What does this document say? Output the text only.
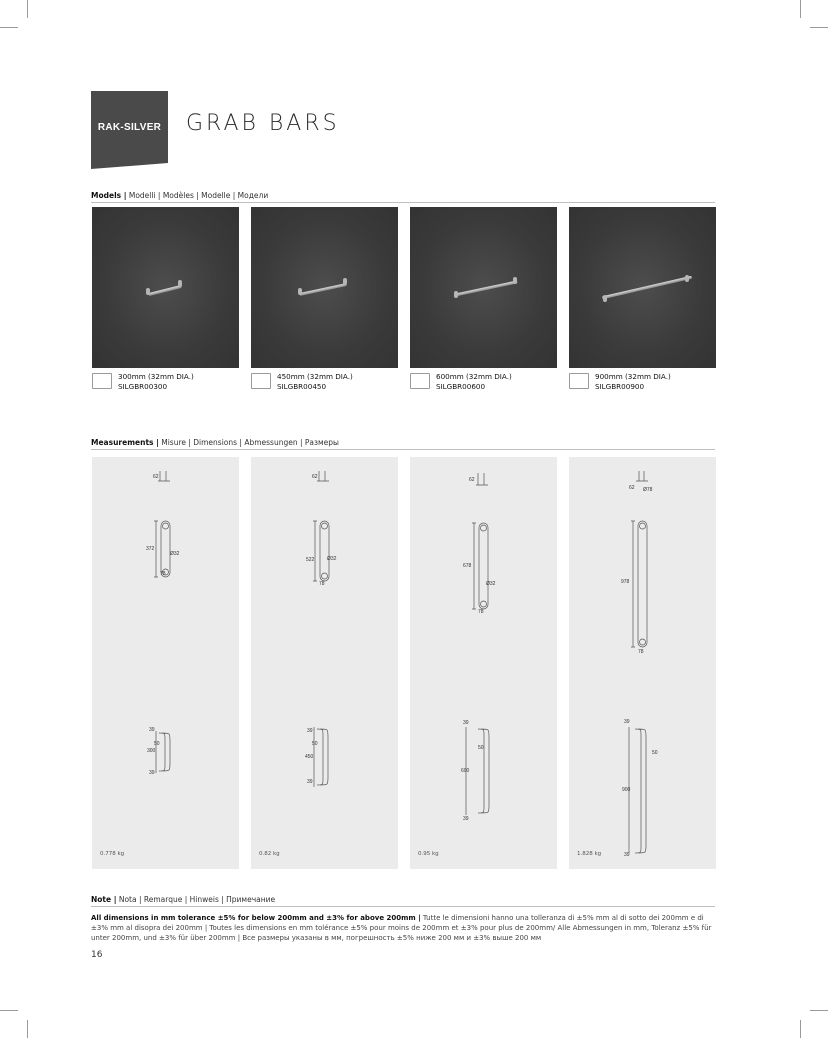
RAK-SILVER GRAB BARS
Models | Modelli | Modèles | Modelle | Модели
300mm (32mm DIA.)
SILGBR00300
450mm (32mm DIA.)
SILGBR00450
600mm (32mm DIA.)
SILGBR00600
900mm (32mm DIA.)
SILGBR00900
Measurements | Misure | Dimensions | Abmessungen | Размеры
62
372
Ø32
78
39
50
300
39
0.778 kg
62
522	Ø32
78
39
50
450
39
0.82 kg
62
678
Ø32
78
39
50
600
39
0.95 kg
62 Ø78
978
78
39
50
900
39
1.828 kg
Note | Nota | Remarque | Hinweis | Примечание
All dimensions in mm tolerance ±5% for below 200mm and ±3% for above 200mm | Tutte le dimensioni hanno una tolleranza di ±5% mm al di sotto dei 200mm e di ±3% mm al disopra dei 200mm | Toutes les dimensions en mm tolérance ±5% pour moins de 200mm et ±3% pour plus de 200mm/ Alle Abmessungen in mm, Toleranz ±5% für unter 200mm, und ±3% für über 200mm | Все размеры указаны в мм, погрешность ±5% ниже 200 мм и ±3% выше 200 мм
16
